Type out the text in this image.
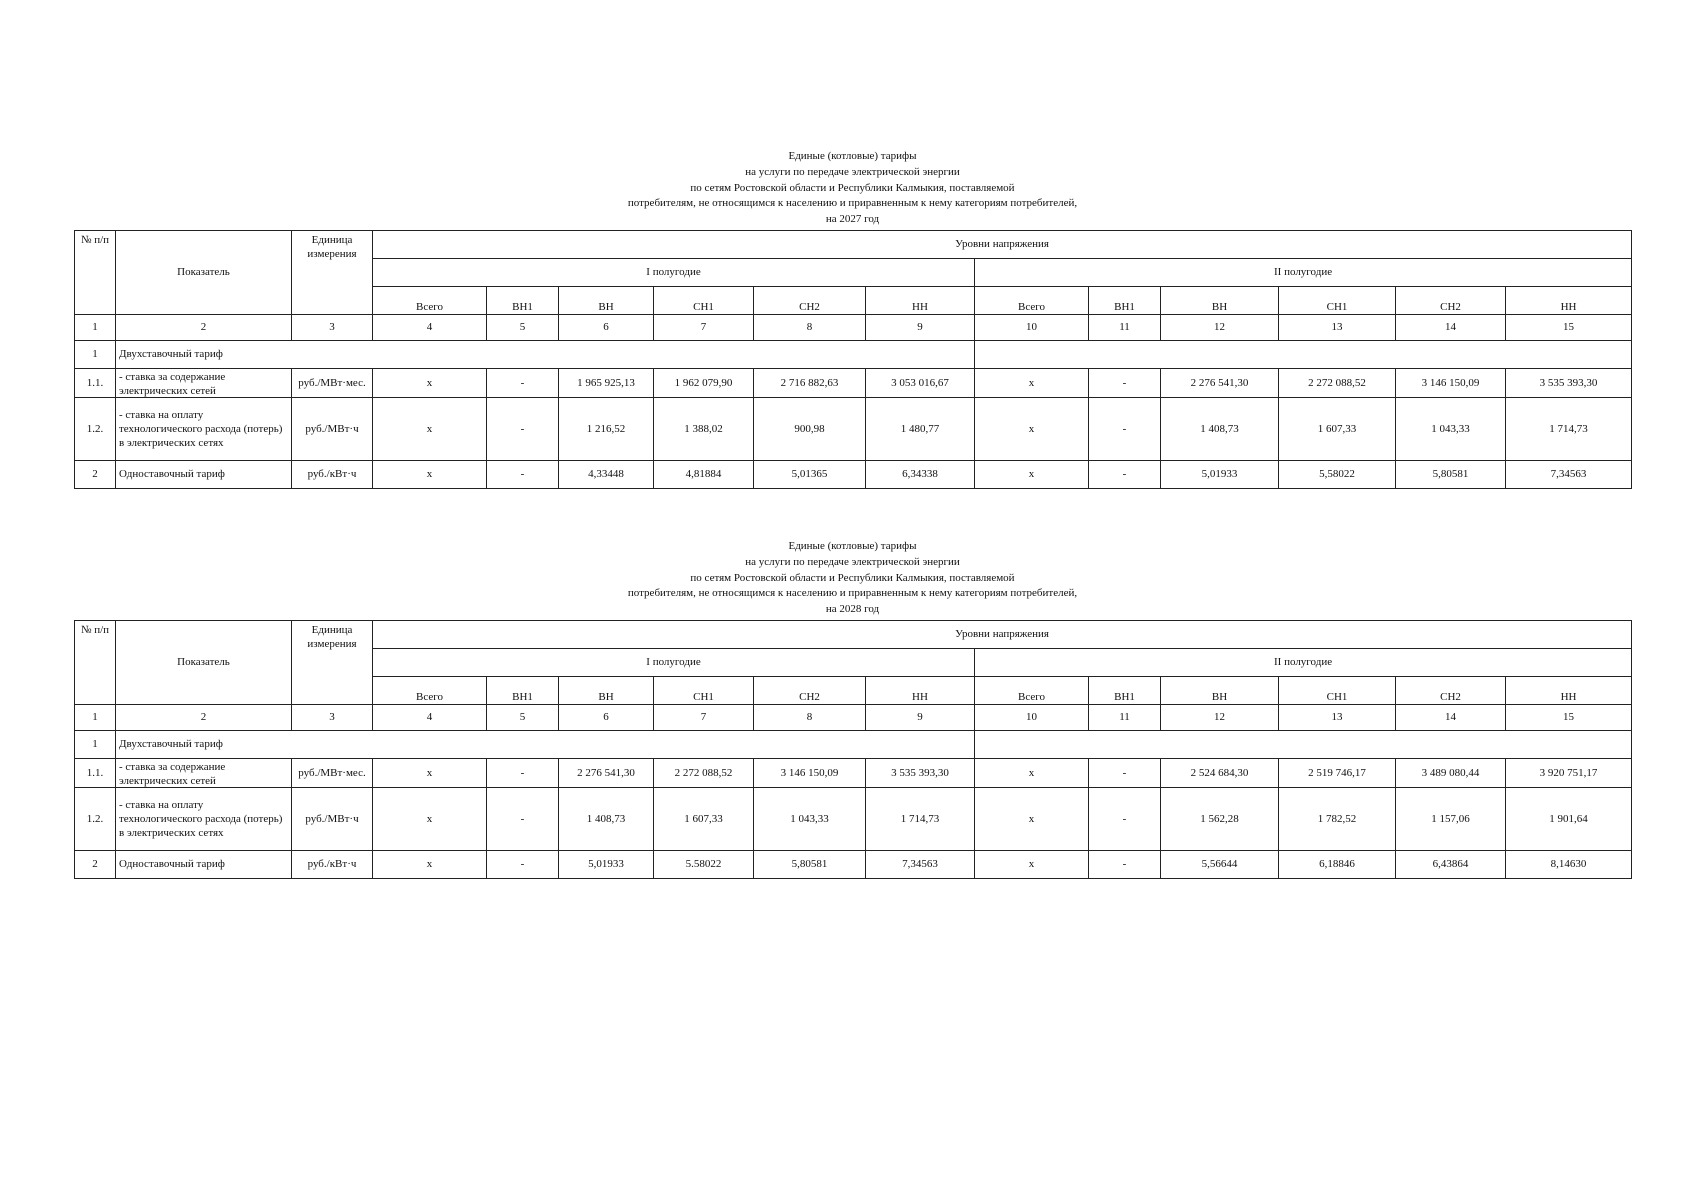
Единые (котловые) тарифы
на услуги по передаче электрической энергии
по сетям Ростовской области и Республики Калмыкия, поставляемой
потребителям, не относящимся к населению и приравненным к нему категориям потребителей,
на 2027 год
№ п/п	Показатель	Единица измерения	Уровни напряжения											
			I полугодие						II полугодие					
			Всего	ВН1	ВН	СН1	СН2	НН	Всего	ВН1	ВН	СН1	СН2	НН
1	2	3	4	5	6	7	8	9	10	11	12	13	14	15
1	Двухставочный тариф													
1.1.	- ставка за содержание электрических сетей	руб./МВт·мес.	х	-	1 965 925,13	1 962 079,90	2 716 882,63	3 053 016,67	х	-	2 276 541,30	2 272 088,52	3 146 150,09	3 535 393,30
1.2.	- ставка на оплату технологического расхода (потерь) в электрических сетях	руб./МВт·ч	х	-	1 216,52	1 388,02	900,98	1 480,77	х	-	1 408,73	1 607,33	1 043,33	1 714,73
2	Одноставочный тариф	руб./кВт·ч	х	-	4,33448	4,81884	5,01365	6,34338	х	-	5,01933	5,58022	5,80581	7,34563
Единые (котловые) тарифы
на услуги по передаче электрической энергии
по сетям Ростовской области и Республики Калмыкия, поставляемой
потребителям, не относящимся к населению и приравненным к нему категориям потребителей,
на 2028 год
№ п/п	Показатель	Единица измерения	Уровни напряжения											
			I полугодие						II полугодие					
			Всего	ВН1	ВН	СН1	СН2	НН	Всего	ВН1	ВН	СН1	СН2	НН
1	2	3	4	5	6	7	8	9	10	11	12	13	14	15
1	Двухставочный тариф													
1.1.	- ставка за содержание электрических сетей	руб./МВт·мес.	х	-	2 276 541,30	2 272 088,52	3 146 150,09	3 535 393,30	х	-	2 524 684,30	2 519 746,17	3 489 080,44	3 920 751,17
1.2.	- ставка на оплату технологического расхода (потерь) в электрических сетях	руб./МВт·ч	х	-	1 408,73	1 607,33	1 043,33	1 714,73	х	-	1 562,28	1 782,52	1 157,06	1 901,64
2	Одноставочный тариф	руб./кВт·ч	х	-	5,01933	5.58022	5,80581	7,34563	х	-	5,56644	6,18846	6,43864	8,14630
